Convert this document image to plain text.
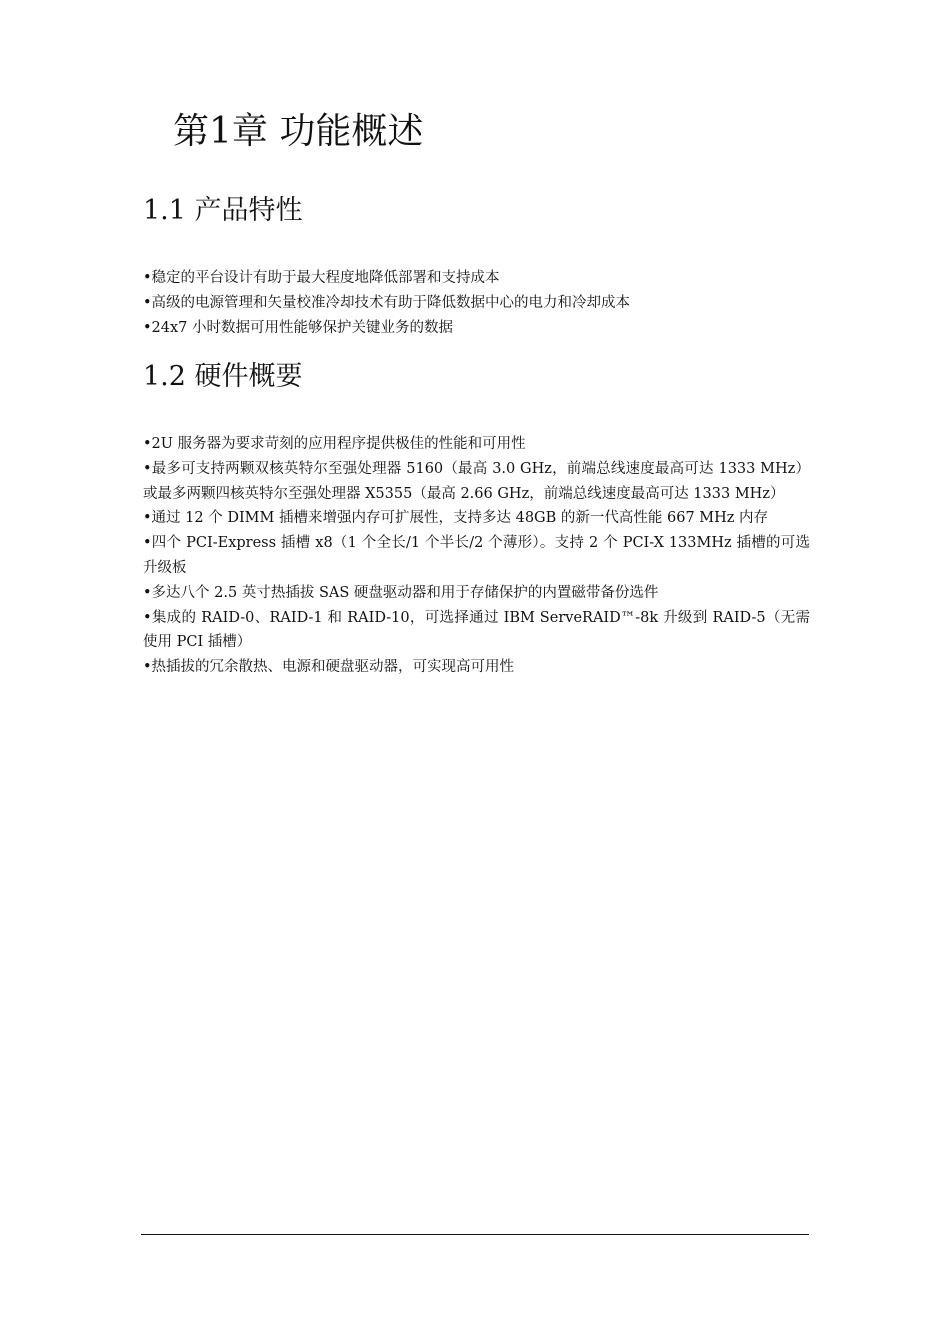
第1章 功能概述
1.1 产品特性
•稳定的平台设计有助于最大程度地降低部署和支持成本
•高级的电源管理和矢量校准冷却技术有助于降低数据中心的电力和冷却成本
•24x7 小时数据可用性能够保护关键业务的数据
1.2 硬件概要
•2U 服务器为要求苛刻的应用程序提供极佳的性能和可用性
•最多可支持两颗双核英特尔至强处理器 5160（最高 3.0 GHz，前端总线速度最高可达 1333 MHz）或最多两颗四核英特尔至强处理器 X5355（最高 2.66 GHz，前端总线速度最高可达 1333 MHz）
•通过 12 个 DIMM 插槽来增强内存可扩展性，支持多达 48GB 的新一代高性能 667 MHz 内存
•四个 PCI-Express 插槽 x8（1 个全长/1 个半长/2 个薄形）。支持 2 个 PCI-X 133MHz 插槽的可选升级板
•多达八个 2.5 英寸热插拔 SAS 硬盘驱动器和用于存储保护的内置磁带备份选件
•集成的 RAID-0、RAID-1 和 RAID-10，可选择通过 IBM ServeRAID™-8k 升级到 RAID-5（无需使用 PCI 插槽）
•热插拔的冗余散热、电源和硬盘驱动器，可实现高可用性
